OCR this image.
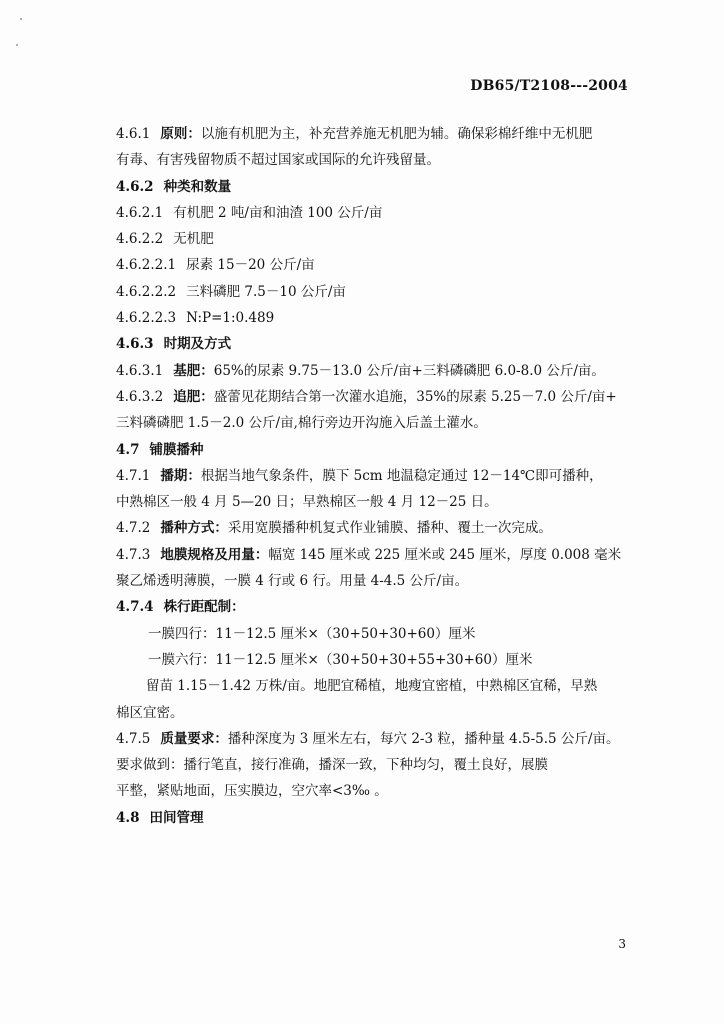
DB65/T2108---2004

4.6.1 原则：以施有机肥为主，补充营养施无机肥为辅。确保彩棉纤维中无机肥

有毒、有害残留物质不超过国家或国际的允许残留量。

4.6.2 种类和数量

4.6.2.1 有机肥 2 吨/亩和油渣 100 公斤/亩

4.6.2.2 无机肥

4.6.2.2.1 尿素 15－20 公斤/亩

4.6.2.2.2 三料磷肥 7.5－10 公斤/亩

4.6.2.2.3 N:P=1:0.489

4.6.3 时期及方式

4.6.3.1 基肥：65%的尿素 9.75－13.0 公斤/亩+三料磷磷肥 6.0-8.0 公斤/亩。

4.6.3.2 追肥：盛蕾见花期结合第一次灌水追施，35%的尿素 5.25－7.0 公斤/亩+

三料磷磷肥 1.5－2.0 公斤/亩,棉行旁边开沟施入后盖土灌水。

4.7 铺膜播种

4.7.1 播期：根据当地气象条件，膜下 5cm 地温稳定通过 12－14℃即可播种，

中熟棉区一般 4 月 5—20 日；早熟棉区一般 4 月 12－25 日。

4.7.2 播种方式：采用宽膜播种机复式作业铺膜、播种、覆土一次完成。

4.7.3 地膜规格及用量：幅宽 145 厘米或 225 厘米或 245 厘米，厚度 0.008 毫米

聚乙烯透明薄膜，一膜 4 行或 6 行。用量 4-4.5 公斤/亩。

4.7.4 株行距配制：

一膜四行：11－12.5 厘米×（30+50+30+60）厘米

一膜六行：11－12.5 厘米×（30+50+30+55+30+60）厘米

留苗 1.15－1.42 万株/亩。地肥宜稀植，地瘦宜密植，中熟棉区宜稀，早熟

棉区宜密。

4.7.5 质量要求：播种深度为 3 厘米左右，每穴 2-3 粒，播种量 4.5-5.5 公斤/亩。

要求做到：播行笔直，接行准确，播深一致，下种均匀，覆土良好，展膜

平整，紧贴地面，压实膜边，空穴率<3‰ 。

4.8 田间管理

3
